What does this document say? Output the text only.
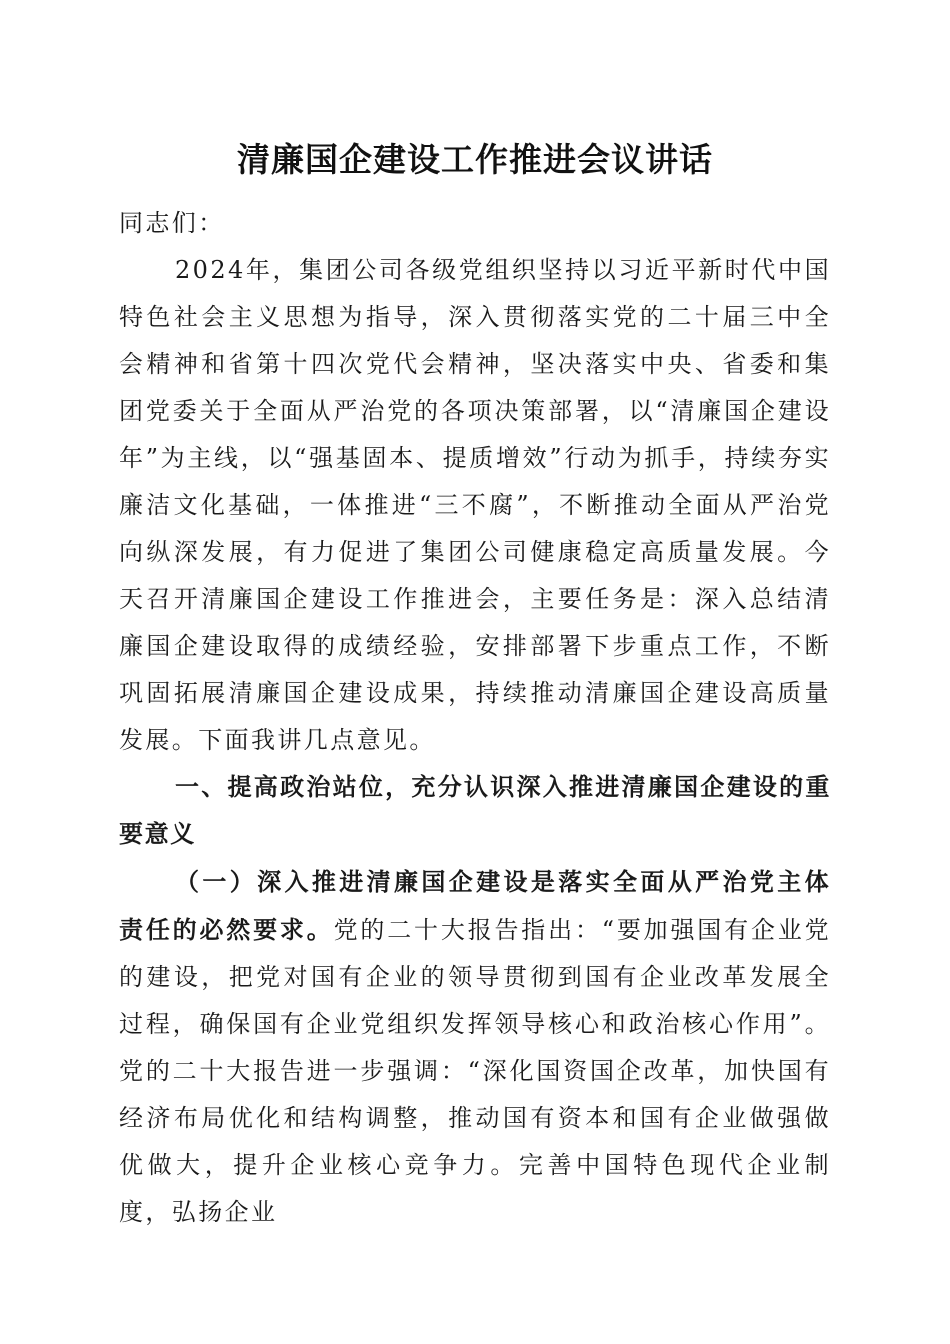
清廉国企建设工作推进会议讲话

同志们：

2024年，集团公司各级党组织坚持以习近平新时代中国特色社会主义思想为指导，深入贯彻落实党的二十届三中全会精神和省第十四次党代会精神，坚决落实中央、省委和集团党委关于全面从严治党的各项决策部署，以“清廉国企建设年”为主线，以“强基固本、提质增效”行动为抓手，持续夯实廉洁文化基础，一体推进“三不腐”，不断推动全面从严治党向纵深发展，有力促进了集团公司健康稳定高质量发展。今天召开清廉国企建设工作推进会，主要任务是：深入总结清廉国企建设取得的成绩经验，安排部署下步重点工作，不断巩固拓展清廉国企建设成果，持续推动清廉国企建设高质量发展。下面我讲几点意见。

一、提高政治站位，充分认识深入推进清廉国企建设的重要意义

（一）深入推进清廉国企建设是落实全面从严治党主体责任的必然要求。党的二十大报告指出：“要加强国有企业党的建设，把党对国有企业的领导贯彻到国有企业改革发展全过程，确保国有企业党组织发挥领导核心和政治核心作用”。党的二十大报告进一步强调：“深化国资国企改革，加快国有经济布局优化和结构调整，推动国有资本和国有企业做强做优做大，提升企业核心竞争力。完善中国特色现代企业制度，弘扬企业
